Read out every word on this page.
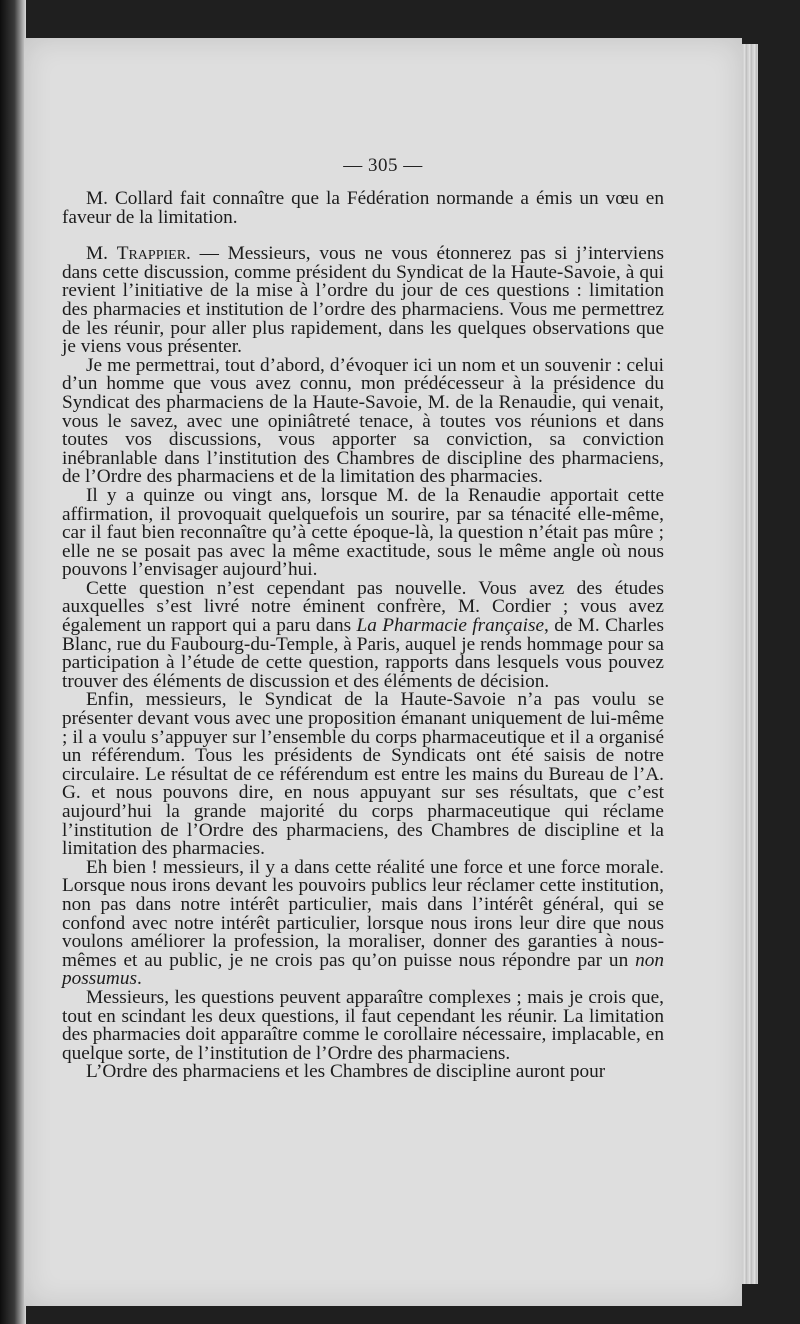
— 305 —

M. Collard fait connaître que la Fédération normande a émis un vœu en faveur de la limitation.

M. Trappier. — Messieurs, vous ne vous étonnerez pas si j’interviens dans cette discussion, comme président du Syndicat de la Haute-Savoie, à qui revient l’initiative de la mise à l’ordre du jour de ces questions : limitation des pharmacies et institution de l’ordre des pharmaciens. Vous me permettrez de les réunir, pour aller plus rapidement, dans les quelques observations que je viens vous présenter.

Je me permettrai, tout d’abord, d’évoquer ici un nom et un souvenir : celui d’un homme que vous avez connu, mon prédécesseur à la présidence du Syndicat des pharmaciens de la Haute-Savoie, M. de la Renaudie, qui venait, vous le savez, avec une opiniâtreté tenace, à toutes vos réunions et dans toutes vos discussions, vous apporter sa conviction, sa conviction inébranlable dans l’institution des Chambres de discipline des pharmaciens, de l’Ordre des pharmaciens et de la limitation des pharmacies.

Il y a quinze ou vingt ans, lorsque M. de la Renaudie apportait cette affirmation, il provoquait quelquefois un sourire, par sa ténacité elle-même, car il faut bien reconnaître qu’à cette époque-là, la question n’était pas mûre ; elle ne se posait pas avec la même exactitude, sous le même angle où nous pouvons l’envisager aujourd’hui.

Cette question n’est cependant pas nouvelle. Vous avez des études auxquelles s’est livré notre éminent confrère, M. Cordier ; vous avez également un rapport qui a paru dans La Pharmacie française, de M. Charles Blanc, rue du Faubourg-du-Temple, à Paris, auquel je rends hommage pour sa participation à l’étude de cette question, rapports dans lesquels vous pouvez trouver des éléments de discussion et des éléments de décision.

Enfin, messieurs, le Syndicat de la Haute-Savoie n’a pas voulu se présenter devant vous avec une proposition émanant uniquement de lui-même ; il a voulu s’appuyer sur l’ensemble du corps pharmaceutique et il a organisé un référendum. Tous les présidents de Syndicats ont été saisis de notre circulaire. Le résultat de ce référendum est entre les mains du Bureau de l’A. G. et nous pouvons dire, en nous appuyant sur ses résultats, que c’est aujourd’hui la grande majorité du corps pharmaceutique qui réclame l’institution de l’Ordre des pharmaciens, des Chambres de discipline et la limitation des pharmacies.

Eh bien ! messieurs, il y a dans cette réalité une force et une force morale. Lorsque nous irons devant les pouvoirs publics leur réclamer cette institution, non pas dans notre intérêt particulier, mais dans l’intérêt général, qui se confond avec notre intérêt particulier, lorsque nous irons leur dire que nous voulons améliorer la profession, la moraliser, donner des garanties à nous-mêmes et au public, je ne crois pas qu’on puisse nous répondre par un non possumus.

Messieurs, les questions peuvent apparaître complexes ; mais je crois que, tout en scindant les deux questions, il faut cependant les réunir. La limitation des pharmacies doit apparaître comme le corollaire nécessaire, implacable, en quelque sorte, de l’institution de l’Ordre des pharmaciens.

L’Ordre des pharmaciens et les Chambres de discipline auront pour
